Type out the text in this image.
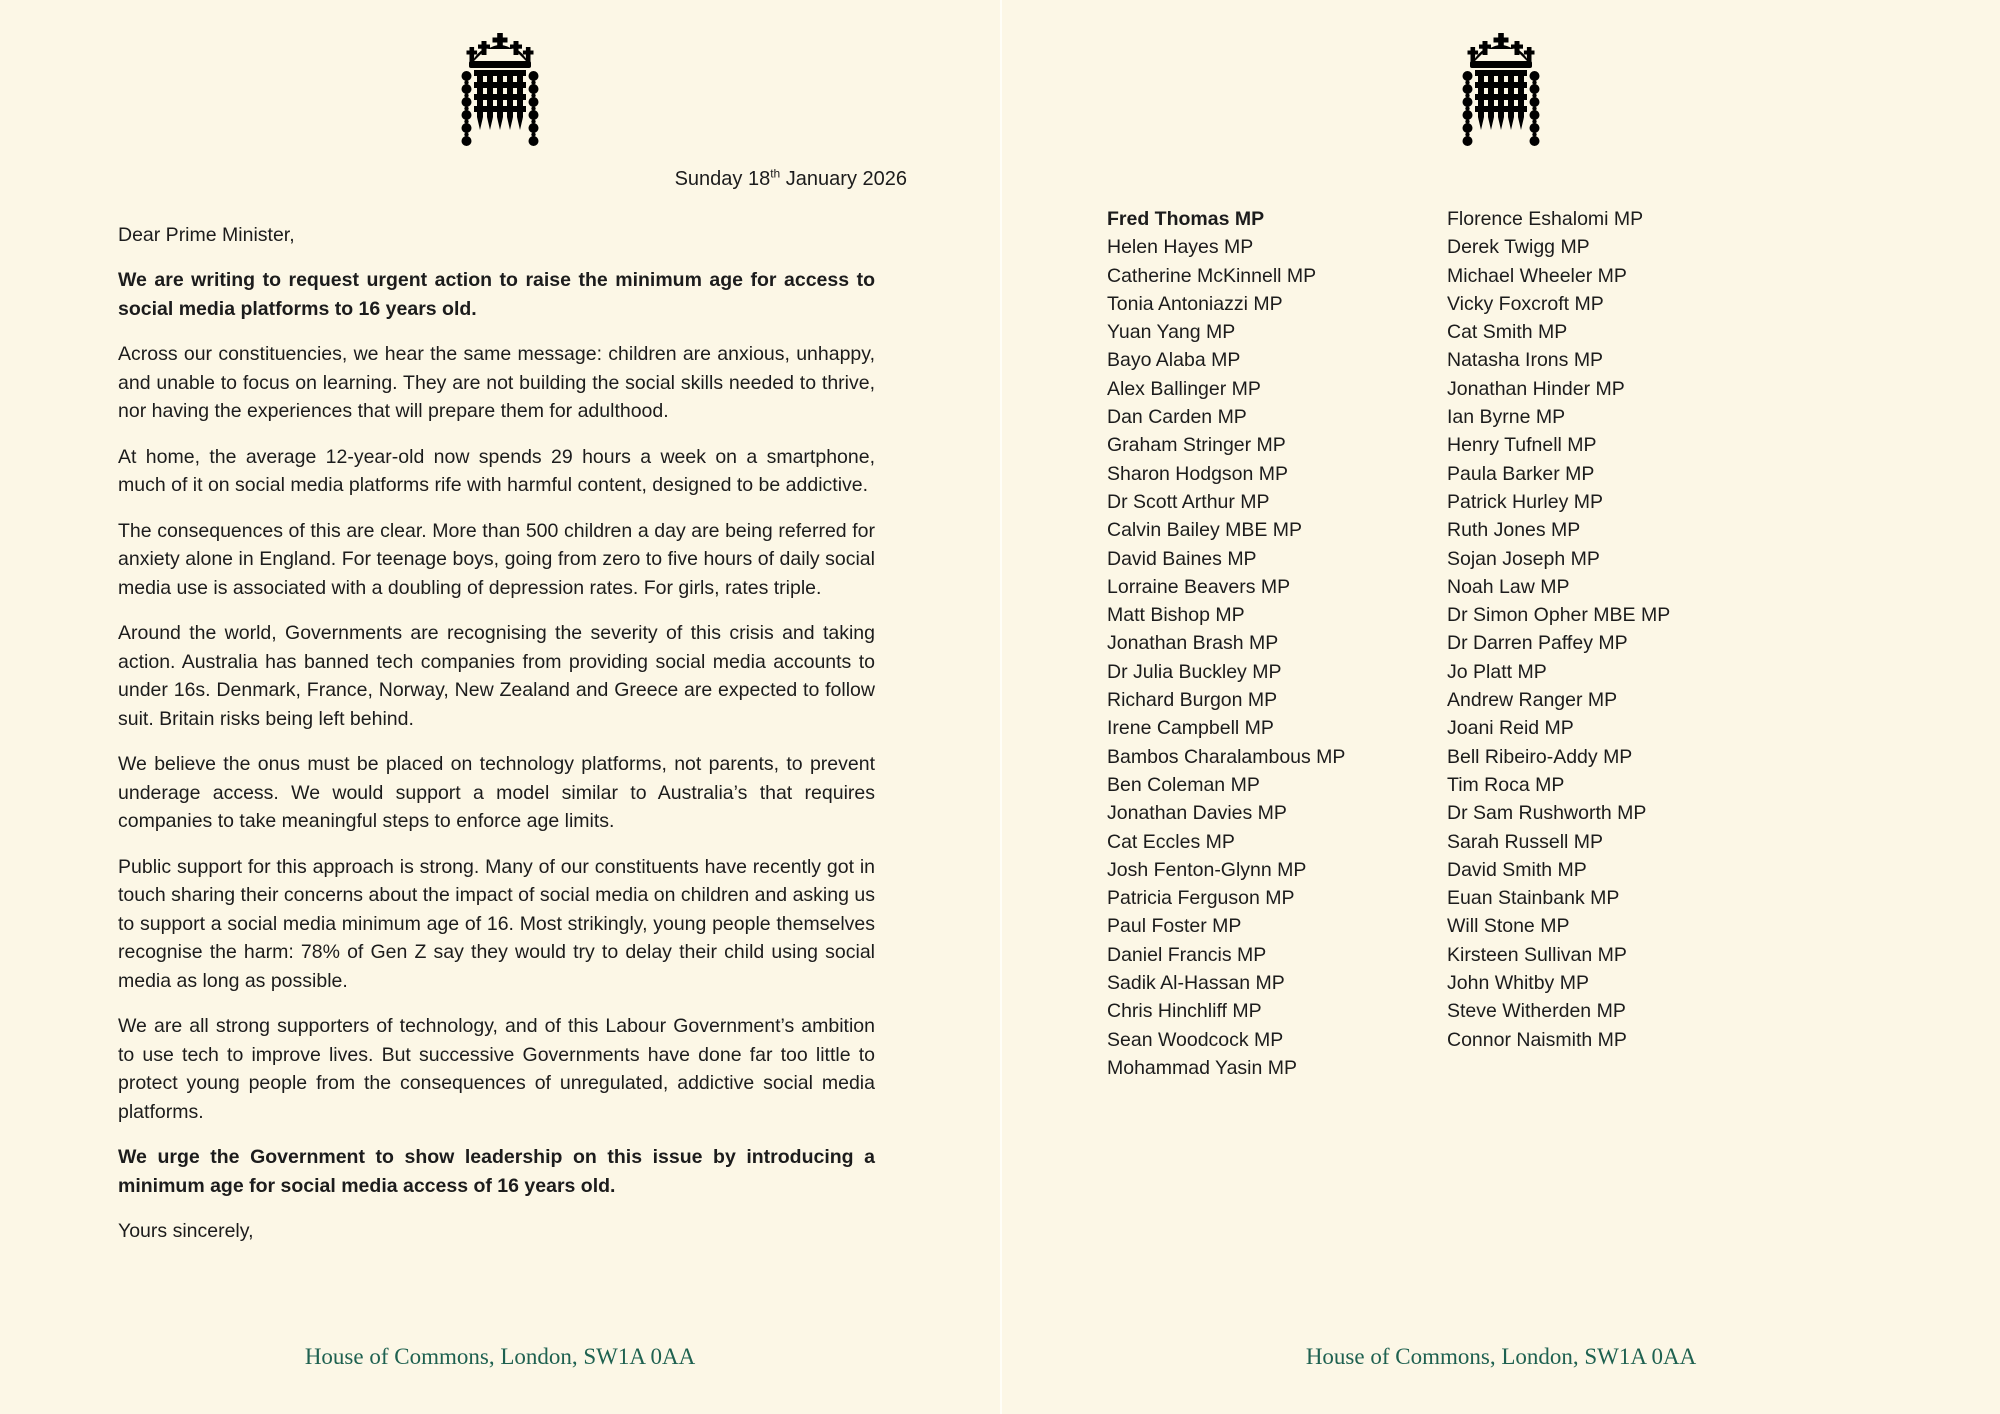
Sunday 18th January 2026
Dear Prime Minister,

We are writing to request urgent action to raise the minimum age for access to social media platforms to 16 years old.

Across our constituencies, we hear the same message: children are anxious, unhappy, and unable to focus on learning. They are not building the social skills needed to thrive, nor having the experiences that will prepare them for adulthood.

At home, the average 12-year-old now spends 29 hours a week on a smartphone, much of it on social media platforms rife with harmful content, designed to be addictive.

The consequences of this are clear. More than 500 children a day are being referred for anxiety alone in England. For teenage boys, going from zero to five hours of daily social media use is associated with a doubling of depression rates. For girls, rates triple.

Around the world, Governments are recognising the severity of this crisis and taking action. Australia has banned tech companies from providing social media accounts to under 16s. Denmark, France, Norway, New Zealand and Greece are expected to follow suit. Britain risks being left behind.

We believe the onus must be placed on technology platforms, not parents, to prevent underage access. We would support a model similar to Australia’s that requires companies to take meaningful steps to enforce age limits.

Public support for this approach is strong. Many of our constituents have recently got in touch sharing their concerns about the impact of social media on children and asking us to support a social media minimum age of 16. Most strikingly, young people themselves recognise the harm: 78% of Gen Z say they would try to delay their child using social media as long as possible.

We are all strong supporters of technology, and of this Labour Government’s ambition to use tech to improve lives. But successive Governments have done far too little to protect young people from the consequences of unregulated, addictive social media platforms.

We urge the Government to show leadership on this issue by introducing a minimum age for social media access of 16 years old.

Yours sincerely,
House of Commons, London, SW1A 0AA
Fred Thomas MP
Helen Hayes MP
Catherine McKinnell MP
Tonia Antoniazzi MP
Yuan Yang MP
Bayo Alaba MP
Alex Ballinger MP
Dan Carden MP
Graham Stringer MP
Sharon Hodgson MP
Dr Scott Arthur MP
Calvin Bailey MBE MP
David Baines MP
Lorraine Beavers MP
Matt Bishop MP
Jonathan Brash MP
Dr Julia Buckley MP
Richard Burgon MP
Irene Campbell MP
Bambos Charalambous MP
Ben Coleman MP
Jonathan Davies MP
Cat Eccles MP
Josh Fenton-Glynn MP
Patricia Ferguson MP
Paul Foster MP
Daniel Francis MP
Sadik Al-Hassan MP
Chris Hinchliff MP
Sean Woodcock MP
Mohammad Yasin MP
Florence Eshalomi MP
Derek Twigg MP
Michael Wheeler MP
Vicky Foxcroft MP
Cat Smith MP
Natasha Irons MP
Jonathan Hinder MP
Ian Byrne MP
Henry Tufnell MP
Paula Barker MP
Patrick Hurley MP
Ruth Jones MP
Sojan Joseph MP
Noah Law MP
Dr Simon Opher MBE MP
Dr Darren Paffey MP
Jo Platt MP
Andrew Ranger MP
Joani Reid MP
Bell Ribeiro-Addy MP
Tim Roca MP
Dr Sam Rushworth MP
Sarah Russell MP
David Smith MP
Euan Stainbank MP
Will Stone MP
Kirsteen Sullivan MP
John Whitby MP
Steve Witherden MP
Connor Naismith MP
House of Commons, London, SW1A 0AA
